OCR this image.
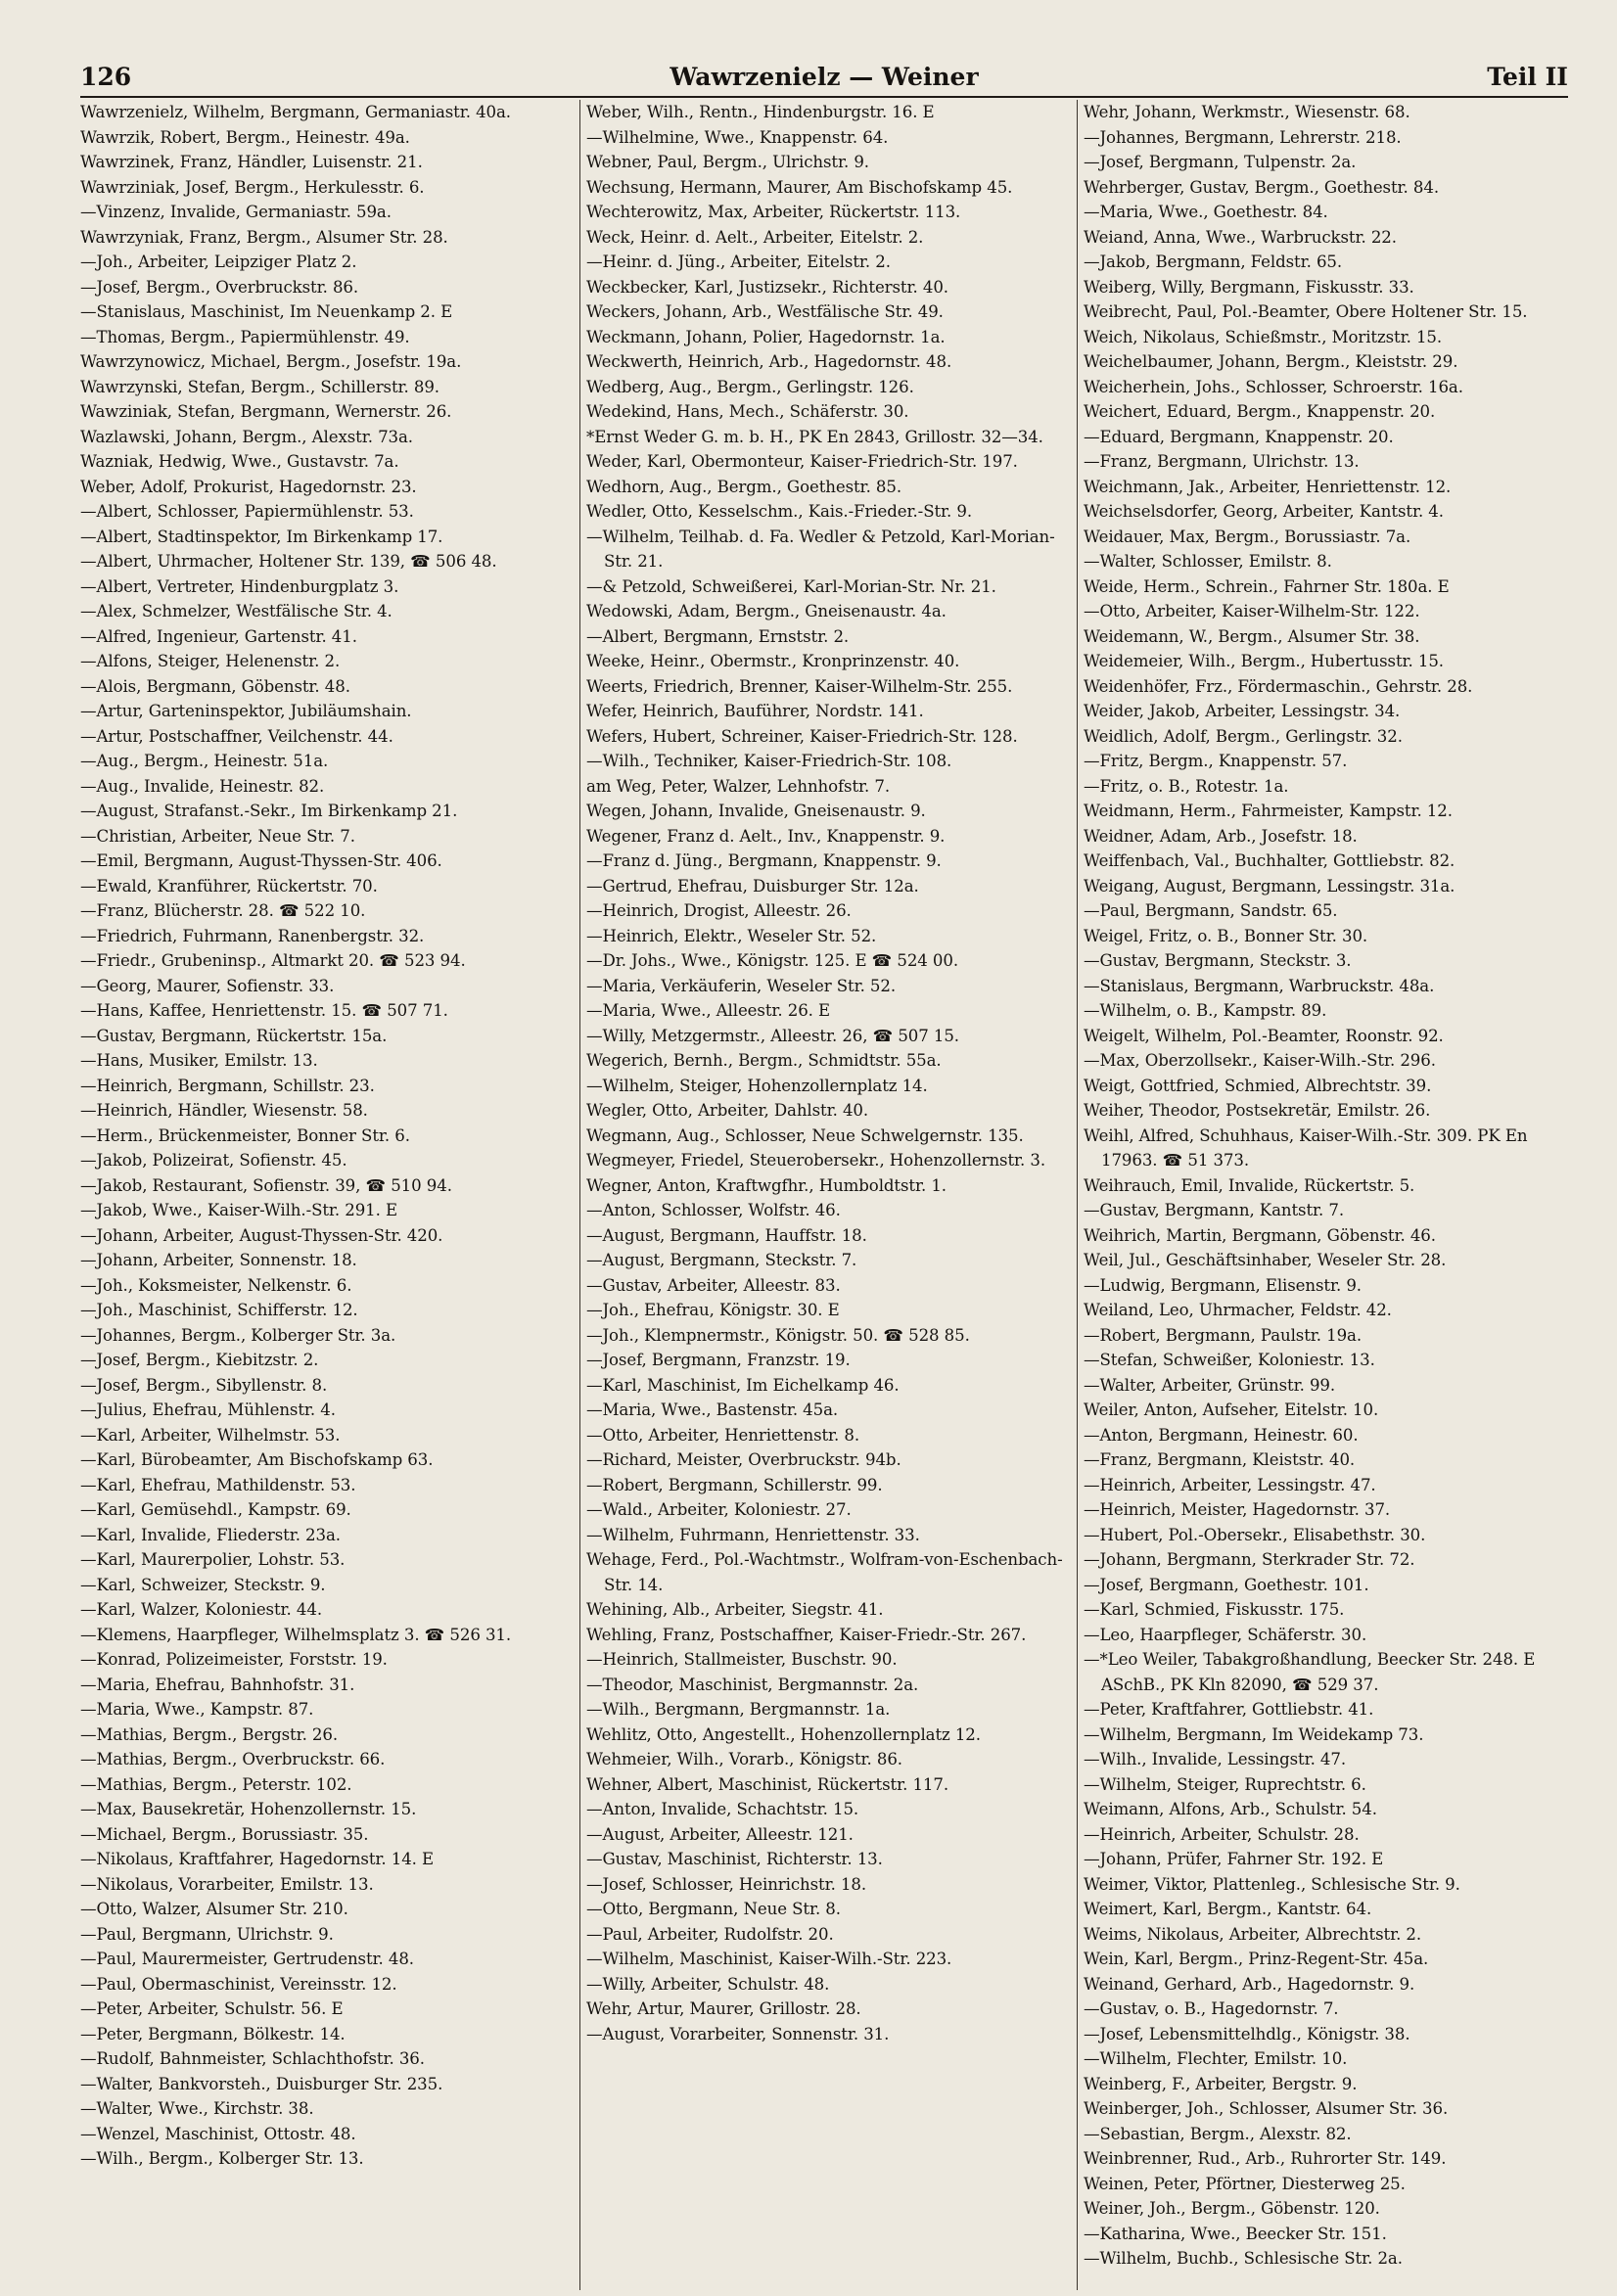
126	Wawrzenielz — Weiner	Teil II
Wawrzenielz, Wilhelm, Bergmann, Germaniastr. 40a.
Wawrzik, Robert, Bergm., Heinestr. 49a.
Wawrzinek, Franz, Händler, Luisenstr. 21.
Wawrziniak, Josef, Bergm., Herkulesstr. 6.
—Vinzenz, Invalide, Germaniastr. 59a.
Wawrzyniak, Franz, Bergm., Alsumer Str. 28.
—Joh., Arbeiter, Leipziger Platz 2.
—Josef, Bergm., Overbruckstr. 86.
—Stanislaus, Maschinist, Im Neuenkamp 2. E
—Thomas, Bergm., Papiermühlenstr. 49.
Wawrzynowicz, Michael, Bergm., Josefstr. 19a.
Wawrzynski, Stefan, Bergm., Schillerstr. 89.
Wawziniak, Stefan, Bergmann, Wernerstr. 26.
Wazlawski, Johann, Bergm., Alexstr. 73a.
Wazniak, Hedwig, Wwe., Gustavstr. 7a.
Weber, Adolf, Prokurist, Hagedornstr. 23.
—Albert, Schlosser, Papiermühlenstr. 53.
—Albert, Stadtinspektor, Im Birkenkamp 17.
—Albert, Uhrmacher, Holtener Str. 139, ☎ 506 48.
—Albert, Vertreter, Hindenburgplatz 3.
—Alex, Schmelzer, Westfälische Str. 4.
—Alfred, Ingenieur, Gartenstr. 41.
—Alfons, Steiger, Helenenstr. 2.
—Alois, Bergmann, Göbenstr. 48.
—Artur, Garteninspektor, Jubiläumshain.
—Artur, Postschaffner, Veilchenstr. 44.
—Aug., Bergm., Heinestr. 51a.
—Aug., Invalide, Heinestr. 82.
—August, Strafanst.-Sekr., Im Birkenkamp 21.
—Christian, Arbeiter, Neue Str. 7.
—Emil, Bergmann, August-Thyssen-Str. 406.
—Ewald, Kranführer, Rückertstr. 70.
—Franz, Blücherstr. 28. ☎ 522 10.
—Friedrich, Fuhrmann, Ranenbergstr. 32.
—Friedr., Grubeninsp., Altmarkt 20. ☎ 523 94.
—Georg, Maurer, Sofienstr. 33.
—Hans, Kaffee, Henriettenstr. 15. ☎ 507 71.
—Gustav, Bergmann, Rückertstr. 15a.
—Hans, Musiker, Emilstr. 13.
—Heinrich, Bergmann, Schillstr. 23.
—Heinrich, Händler, Wiesenstr. 58.
—Herm., Brückenmeister, Bonner Str. 6.
—Jakob, Polizeirat, Sofienstr. 45.
—Jakob, Restaurant, Sofienstr. 39, ☎ 510 94.
—Jakob, Wwe., Kaiser-Wilh.-Str. 291. E
—Johann, Arbeiter, August-Thyssen-Str. 420.
—Johann, Arbeiter, Sonnenstr. 18.
—Joh., Koksmeister, Nelkenstr. 6.
—Joh., Maschinist, Schifferstr. 12.
—Johannes, Bergm., Kolberger Str. 3a.
—Josef, Bergm., Kiebitzstr. 2.
—Josef, Bergm., Sibyllenstr. 8.
—Julius, Ehefrau, Mühlenstr. 4.
—Karl, Arbeiter, Wilhelmstr. 53.
—Karl, Bürobeamter, Am Bischofskamp 63.
—Karl, Ehefrau, Mathildenstr. 53.
—Karl, Gemüsehdl., Kampstr. 69.
—Karl, Invalide, Fliederstr. 23a.
—Karl, Maurerpolier, Lohstr. 53.
—Karl, Schweizer, Steckstr. 9.
—Karl, Walzer, Koloniestr. 44.
—Klemens, Haarpfleger, Wilhelmsplatz 3. ☎ 526 31.
—Konrad, Polizeimeister, Forststr. 19.
—Maria, Ehefrau, Bahnhofstr. 31.
—Maria, Wwe., Kampstr. 87.
—Mathias, Bergm., Bergstr. 26.
—Mathias, Bergm., Overbruckstr. 66.
—Mathias, Bergm., Peterstr. 102.
—Max, Bausekretär, Hohenzollernstr. 15.
—Michael, Bergm., Borussiastr. 35.
—Nikolaus, Kraftfahrer, Hagedornstr. 14. E
—Nikolaus, Vorarbeiter, Emilstr. 13.
—Otto, Walzer, Alsumer Str. 210.
—Paul, Bergmann, Ulrichstr. 9.
—Paul, Maurermeister, Gertrudenstr. 48.
—Paul, Obermaschinist, Vereinsstr. 12.
—Peter, Arbeiter, Schulstr. 56. E
—Peter, Bergmann, Bölkestr. 14.
—Rudolf, Bahnmeister, Schlachthofstr. 36.
—Walter, Bankvorsteh., Duisburger Str. 235.
—Walter, Wwe., Kirchstr. 38.
—Wenzel, Maschinist, Ottostr. 48.
—Wilh., Bergm., Kolberger Str. 13.
Weber, Wilh., Rentn., Hindenburgstr. 16. E
—Wilhelmine, Wwe., Knappenstr. 64.
Webner, Paul, Bergm., Ulrichstr. 9.
Wechsung, Hermann, Maurer, Am Bischofskamp 45.
Wechterowitz, Max, Arbeiter, Rückertstr. 113.
Weck, Heinr. d. Aelt., Arbeiter, Eitelstr. 2.
—Heinr. d. Jüng., Arbeiter, Eitelstr. 2.
Weckbecker, Karl, Justizsekr., Richterstr. 40.
Weckers, Johann, Arb., Westfälische Str. 49.
Weckmann, Johann, Polier, Hagedornstr. 1a.
Weckwerth, Heinrich, Arb., Hagedornstr. 48.
Wedberg, Aug., Bergm., Gerlingstr. 126.
Wedekind, Hans, Mech., Schäferstr. 30.
*Ernst Weder G. m. b. H., PK En 2843, Grillostr. 32—34.
Weder, Karl, Obermonteur, Kaiser-Friedrich-Str. 197.
Wedhorn, Aug., Bergm., Goethestr. 85.
Wedler, Otto, Kesselschm., Kais.-Frieder.-Str. 9.
—Wilhelm, Teilhab. d. Fa. Wedler & Petzold, Karl-Morian-Str. 21.
—& Petzold, Schweißerei, Karl-Morian-Str. Nr. 21.
Wedowski, Adam, Bergm., Gneisenaustr. 4a.
—Albert, Bergmann, Ernststr. 2.
Weeke, Heinr., Obermstr., Kronprinzenstr. 40.
Weerts, Friedrich, Brenner, Kaiser-Wilhelm-Str. 255.
Wefer, Heinrich, Bauführer, Nordstr. 141.
Wefers, Hubert, Schreiner, Kaiser-Friedrich-Str. 128.
—Wilh., Techniker, Kaiser-Friedrich-Str. 108.
am Weg, Peter, Walzer, Lehnhofstr. 7.
Wegen, Johann, Invalide, Gneisenaustr. 9.
Wegener, Franz d. Aelt., Inv., Knappenstr. 9.
—Franz d. Jüng., Bergmann, Knappenstr. 9.
—Gertrud, Ehefrau, Duisburger Str. 12a.
—Heinrich, Drogist, Alleestr. 26.
—Heinrich, Elektr., Weseler Str. 52.
—Dr. Johs., Wwe., Königstr. 125. E ☎ 524 00.
—Maria, Verkäuferin, Weseler Str. 52.
—Maria, Wwe., Alleestr. 26. E
—Willy, Metzgermstr., Alleestr. 26, ☎ 507 15.
Wegerich, Bernh., Bergm., Schmidtstr. 55a.
—Wilhelm, Steiger, Hohenzollernplatz 14.
Wegler, Otto, Arbeiter, Dahlstr. 40.
Wegmann, Aug., Schlosser, Neue Schwelgernstr. 135.
Wegmeyer, Friedel, Steuerobersekr., Hohenzollernstr. 3.
Wegner, Anton, Kraftwgfhr., Humboldtstr. 1.
—Anton, Schlosser, Wolfstr. 46.
—August, Bergmann, Hauffstr. 18.
—August, Bergmann, Steckstr. 7.
—Gustav, Arbeiter, Alleestr. 83.
—Joh., Ehefrau, Königstr. 30. E
—Joh., Klempnermstr., Königstr. 50. ☎ 528 85.
—Josef, Bergmann, Franzstr. 19.
—Karl, Maschinist, Im Eichelkamp 46.
—Maria, Wwe., Bastenstr. 45a.
—Otto, Arbeiter, Henriettenstr. 8.
—Richard, Meister, Overbruckstr. 94b.
—Robert, Bergmann, Schillerstr. 99.
—Wald., Arbeiter, Koloniestr. 27.
—Wilhelm, Fuhrmann, Henriettenstr. 33.
Wehage, Ferd., Pol.-Wachtmstr., Wolfram-von-Eschenbach-Str. 14.
Wehining, Alb., Arbeiter, Siegstr. 41.
Wehling, Franz, Postschaffner, Kaiser-Friedr.-Str. 267.
—Heinrich, Stallmeister, Buschstr. 90.
—Theodor, Maschinist, Bergmannstr. 2a.
—Wilh., Bergmann, Bergmannstr. 1a.
Wehlitz, Otto, Angestellt., Hohenzollernplatz 12.
Wehmeier, Wilh., Vorarb., Königstr. 86.
Wehner, Albert, Maschinist, Rückertstr. 117.
—Anton, Invalide, Schachtstr. 15.
—August, Arbeiter, Alleestr. 121.
—Gustav, Maschinist, Richterstr. 13.
—Josef, Schlosser, Heinrichstr. 18.
—Otto, Bergmann, Neue Str. 8.
—Paul, Arbeiter, Rudolfstr. 20.
—Wilhelm, Maschinist, Kaiser-Wilh.-Str. 223.
—Willy, Arbeiter, Schulstr. 48.
Wehr, Artur, Maurer, Grillostr. 28.
—August, Vorarbeiter, Sonnenstr. 31.
Wehr, Johann, Werkmstr., Wiesenstr. 68.
—Johannes, Bergmann, Lehrerstr. 218.
—Josef, Bergmann, Tulpenstr. 2a.
Wehrberger, Gustav, Bergm., Goethestr. 84.
—Maria, Wwe., Goethestr. 84.
Weiand, Anna, Wwe., Warbruckstr. 22.
—Jakob, Bergmann, Feldstr. 65.
Weiberg, Willy, Bergmann, Fiskusstr. 33.
Weibrecht, Paul, Pol.-Beamter, Obere Holtener Str. 15.
Weich, Nikolaus, Schießmstr., Moritzstr. 15.
Weichelbaumer, Johann, Bergm., Kleiststr. 29.
Weicherhein, Johs., Schlosser, Schroerstr. 16a.
Weichert, Eduard, Bergm., Knappenstr. 20.
—Eduard, Bergmann, Knappenstr. 20.
—Franz, Bergmann, Ulrichstr. 13.
Weichmann, Jak., Arbeiter, Henriettenstr. 12.
Weichselsdorfer, Georg, Arbeiter, Kantstr. 4.
Weidauer, Max, Bergm., Borussiastr. 7a.
—Walter, Schlosser, Emilstr. 8.
Weide, Herm., Schrein., Fahrner Str. 180a. E
—Otto, Arbeiter, Kaiser-Wilhelm-Str. 122.
Weidemann, W., Bergm., Alsumer Str. 38.
Weidemeier, Wilh., Bergm., Hubertusstr. 15.
Weidenhöfer, Frz., Fördermaschin., Gehrstr. 28.
Weider, Jakob, Arbeiter, Lessingstr. 34.
Weidlich, Adolf, Bergm., Gerlingstr. 32.
—Fritz, Bergm., Knappenstr. 57.
—Fritz, o. B., Rotestr. 1a.
Weidmann, Herm., Fahrmeister, Kampstr. 12.
Weidner, Adam, Arb., Josefstr. 18.
Weiffenbach, Val., Buchhalter, Gottliebstr. 82.
Weigang, August, Bergmann, Lessingstr. 31a.
—Paul, Bergmann, Sandstr. 65.
Weigel, Fritz, o. B., Bonner Str. 30.
—Gustav, Bergmann, Steckstr. 3.
—Stanislaus, Bergmann, Warbruckstr. 48a.
—Wilhelm, o. B., Kampstr. 89.
Weigelt, Wilhelm, Pol.-Beamter, Roonstr. 92.
—Max, Oberzollsekr., Kaiser-Wilh.-Str. 296.
Weigt, Gottfried, Schmied, Albrechtstr. 39.
Weiher, Theodor, Postsekretär, Emilstr. 26.
Weihl, Alfred, Schuhhaus, Kaiser-Wilh.-Str. 309. PK En 17963. ☎ 51 373.
Weihrauch, Emil, Invalide, Rückertstr. 5.
—Gustav, Bergmann, Kantstr. 7.
Weihrich, Martin, Bergmann, Göbenstr. 46.
Weil, Jul., Geschäftsinhaber, Weseler Str. 28.
—Ludwig, Bergmann, Elisenstr. 9.
Weiland, Leo, Uhrmacher, Feldstr. 42.
—Robert, Bergmann, Paulstr. 19a.
—Stefan, Schweißer, Koloniestr. 13.
—Walter, Arbeiter, Grünstr. 99.
Weiler, Anton, Aufseher, Eitelstr. 10.
—Anton, Bergmann, Heinestr. 60.
—Franz, Bergmann, Kleiststr. 40.
—Heinrich, Arbeiter, Lessingstr. 47.
—Heinrich, Meister, Hagedornstr. 37.
—Hubert, Pol.-Obersekr., Elisabethstr. 30.
—Johann, Bergmann, Sterkrader Str. 72.
—Josef, Bergmann, Goethestr. 101.
—Karl, Schmied, Fiskusstr. 175.
—Leo, Haarpfleger, Schäferstr. 30.
—*Leo Weiler, Tabakgroßhandlung, Beecker Str. 248. E ASchB., PK Kln 82090, ☎ 529 37.
—Peter, Kraftfahrer, Gottliebstr. 41.
—Wilhelm, Bergmann, Im Weidekamp 73.
—Wilh., Invalide, Lessingstr. 47.
—Wilhelm, Steiger, Ruprechtstr. 6.
Weimann, Alfons, Arb., Schulstr. 54.
—Heinrich, Arbeiter, Schulstr. 28.
—Johann, Prüfer, Fahrner Str. 192. E
Weimer, Viktor, Plattenleg., Schlesische Str. 9.
Weimert, Karl, Bergm., Kantstr. 64.
Weims, Nikolaus, Arbeiter, Albrechtstr. 2.
Wein, Karl, Bergm., Prinz-Regent-Str. 45a.
Weinand, Gerhard, Arb., Hagedornstr. 9.
—Gustav, o. B., Hagedornstr. 7.
—Josef, Lebensmittelhdlg., Königstr. 38.
—Wilhelm, Flechter, Emilstr. 10.
Weinberg, F., Arbeiter, Bergstr. 9.
Weinberger, Joh., Schlosser, Alsumer Str. 36.
—Sebastian, Bergm., Alexstr. 82.
Weinbrenner, Rud., Arb., Ruhrorter Str. 149.
Weinen, Peter, Pförtner, Diesterweg 25.
Weiner, Joh., Bergm., Göbenstr. 120.
—Katharina, Wwe., Beecker Str. 151.
—Wilhelm, Buchb., Schlesische Str. 2a.
